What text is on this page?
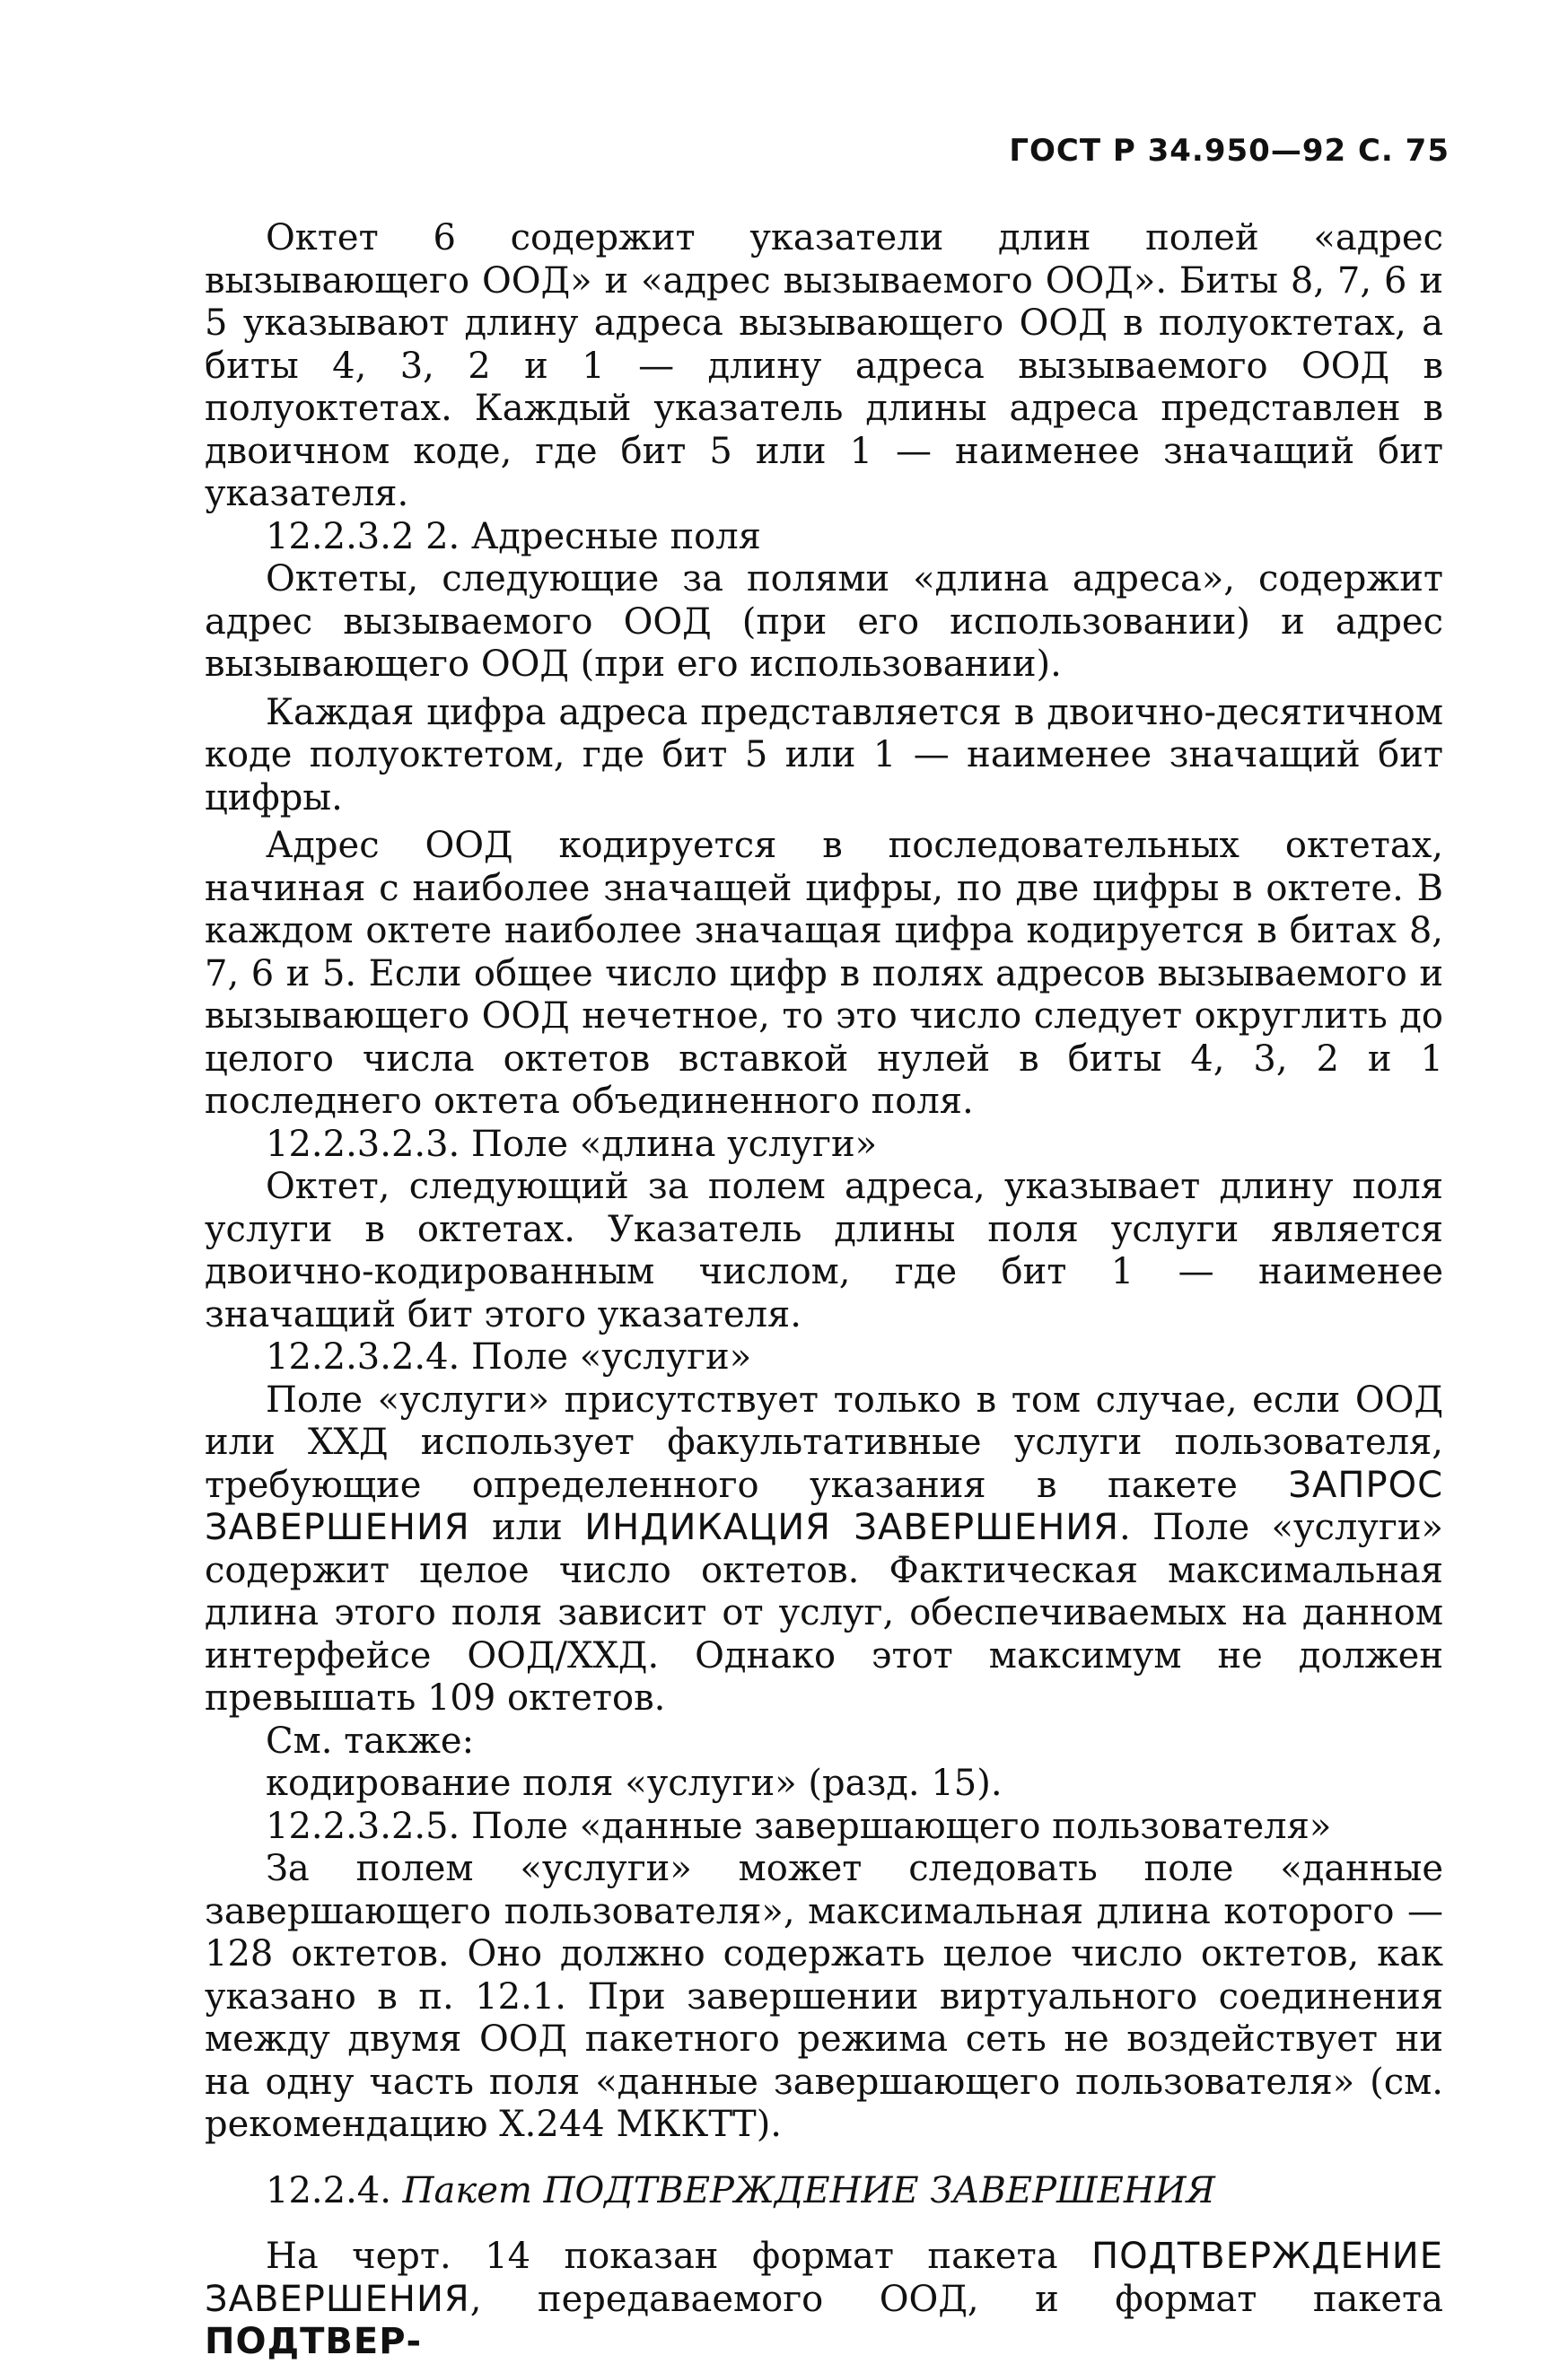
ГОСТ Р 34.950—92 С. 75

Октет 6 содержит указатели длин полей «адрес вызывающего ООД» и «адрес вызываемого ООД». Биты 8, 7, 6 и 5 указывают длину адреса вызывающего ООД в полуоктетах, а биты 4, 3, 2 и 1 — длину адреса вызываемого ООД в полуоктетах. Каждый указатель длины адреса представлен в двоичном коде, где бит 5 или 1 — наименее значащий бит указателя.

12.2.3.2 2. Адресные поля

Октеты, следующие за полями «длина адреса», содержит адрес вызываемого ООД (при его использовании) и адрес вызывающего ООД (при его использовании).

Каждая цифра адреса представляется в двоично-десятичном коде полуоктетом, где бит 5 или 1 — наименее значащий бит цифры.

Адрес ООД кодируется в последовательных октетах, начиная с наиболее значащей цифры, по две цифры в октете. В каждом октете наиболее значащая цифра кодируется в битах 8, 7, 6 и 5. Если общее число цифр в полях адресов вызываемого и вызывающего ООД нечетное, то это число следует округлить до целого числа октетов вставкой нулей в биты 4, 3, 2 и 1 последнего октета объединенного поля.

12.2.3.2.3. Поле «длина услуги»

Октет, следующий за полем адреса, указывает длину поля услуги в октетах. Указатель длины поля услуги является двоично-кодированным числом, где бит 1 — наименее значащий бит этого указателя.

12.2.3.2.4. Поле «услуги»

Поле «услуги» присутствует только в том случае, если ООД или ХХД использует факультативные услуги пользователя, требующие определенного указания в пакете ЗАПРОС ЗАВЕРШЕНИЯ или ИНДИКАЦИЯ ЗАВЕРШЕНИЯ. Поле «услуги» содержит целое число октетов. Фактическая максимальная длина этого поля зависит от услуг, обеспечиваемых на данном интерфейсе ООД/ХХД. Однако этот максимум не должен превышать 109 октетов.

См. также:

кодирование поля «услуги» (разд. 15).

12.2.3.2.5. Поле «данные завершающего пользователя»

За полем «услуги» может следовать поле «данные завершающего пользователя», максимальная длина которого — 128 октетов. Оно должно содержать целое число октетов, как указано в п. 12.1. При завершении виртуального соединения между двумя ООД пакетного режима сеть не воздействует ни на одну часть поля «данные завершающего пользователя» (см. рекомендацию X.244 МККТТ).

12.2.4. Пакет ПОДТВЕРЖДЕНИЕ ЗАВЕРШЕНИЯ

На черт. 14 показан формат пакета ПОДТВЕРЖДЕНИЕ ЗАВЕРШЕНИЯ, передаваемого ООД, и формат пакета ПОДТВЕР-
